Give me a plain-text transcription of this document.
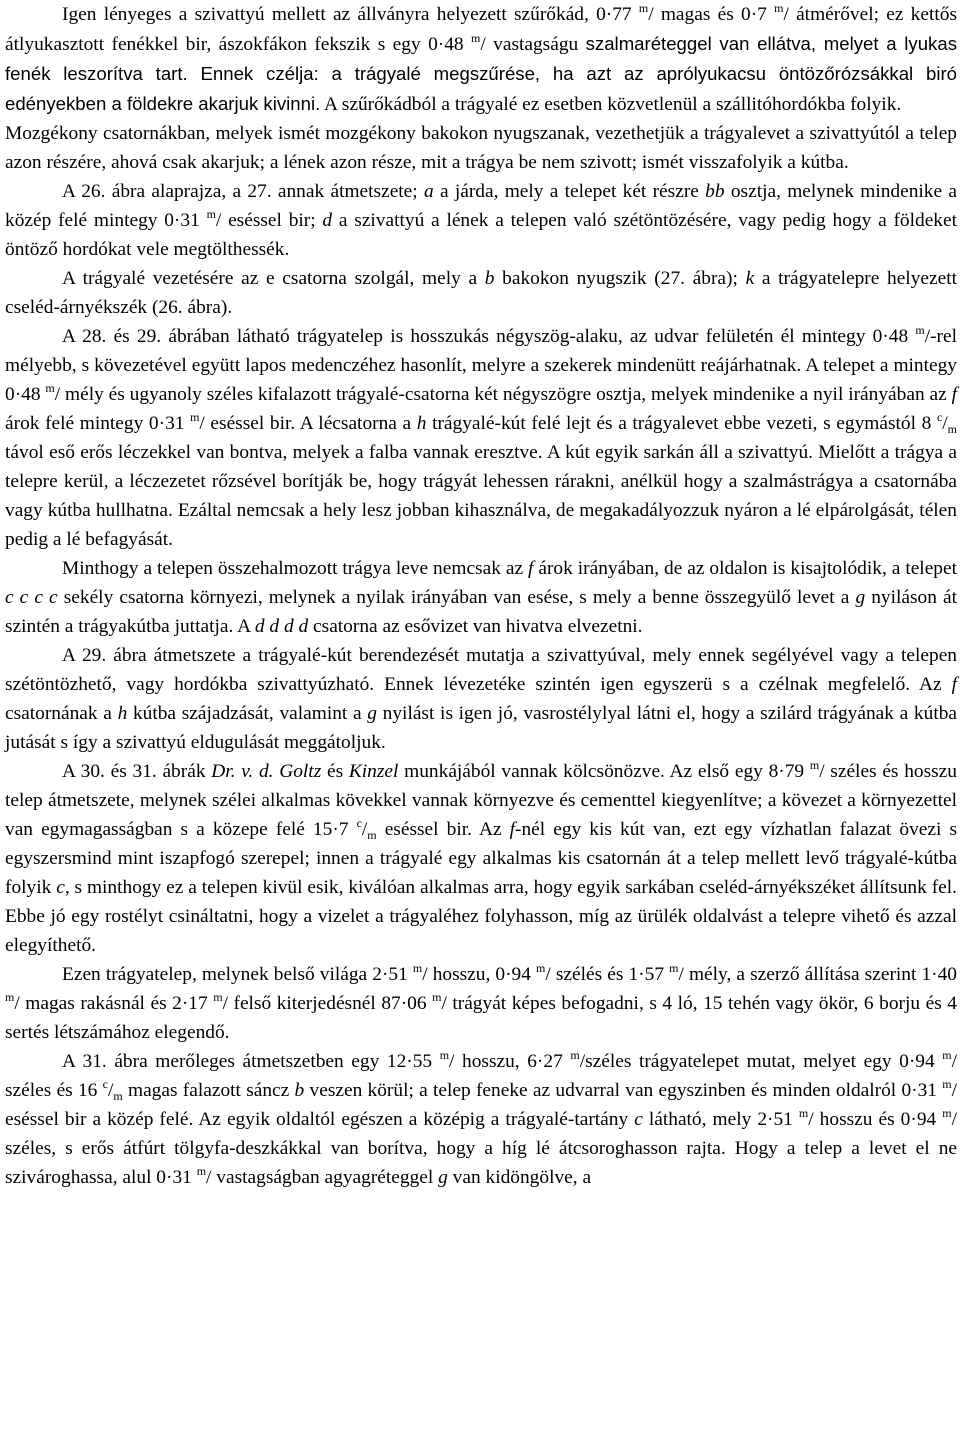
Igen lényeges a szivattyú mellett az állványra helyezett szűrőkád, 0·77 $^m$/ magas és 0·7 $^m$/ átmérővel; ez kettős átlyukasztott fenékkel bir, ászokfákon fekszik s egy 0·48 $^m$/ vastagságu szalmaréteggel van ellátva, melyet a lyukas fenék leszorítva tart. Ennek czélja: a trágyalé megszűrése, ha azt az aprólyukacsu öntözőrózsákkal biró edényekben a földekre akarjuk kivinni. A szűrőkádból a trágyalé ez esetben közvetlenül a szállitóhordókba folyik.

Mozgékony csatornákban, melyek ismét mozgékony bakokon nyugszanak, vezethetjük a trágyalevet a szivattyútól a telep azon részére, ahová csak akarjuk; a lének azon része, mit a trágya be nem szivott; ismét visszafolyik a kútba.

A 26. ábra alaprajza, a 27. annak átmetszete; a a járda, mely a telepet két részre bb osztja, melynek mindenike a közép felé mintegy 0·31 $^m$/ eséssel bir; d a szivattyú a lének a telepen való szétöntözésére, vagy pedig hogy a földeket öntöző hordókat vele megtölthessék.

A trágyalé vezetésére az e csatorna szolgál, mely a b bakokon nyugszik (27. ábra); k a trágyatelepre helyezett cseléd-árnyékszék (26. ábra).

A 28. és 29. ábrában látható trágyatelep is hosszukás négyszög-alaku, az udvar felületén él mintegy 0·48 $^m$/-rel mélyebb, s kövezetével együtt lapos medenczéhez hasonlít, melyre a szekerek mindenütt reájárhatnak. A telepet a mintegy 0·48 $^m$/ mély és ugyanoly széles kifalazott trágyalé-csatorna két négyszögre osztja, melyek mindenike a nyil irányában az f árok felé mintegy 0·31 $^m$/ eséssel bir. A lécsatorna a h trágyalé-kút felé lejt és a trágyalevet ebbe vezeti, s egymástól 8 $^c/_m$ távol eső erős léczekkel van bontva, melyek a falba vannak eresztve. A kút egyik sarkán áll a szivattyú. Mielőtt a trágya a telepre kerül, a léczezetet rőzsével borítják be, hogy trágyát lehessen rárakni, anélkül hogy a szalmástrágya a csatornába vagy kútba hullhatna. Ezáltal nemcsak a hely lesz jobban kihasználva, de megakadályozzuk nyáron a lé elpárolgását, télen pedig a lé befagyását.

Minthogy a telepen összehalmozott trágya leve nemcsak az f árok irányában, de az oldalon is kisajtolódik, a telepet c c c c sekély csatorna környezi, melynek a nyilak irányában van esése, s mely a benne összegyülő levet a g nyiláson át szintén a trágyakútba juttatja. A d d d d csatorna az esővizet van hivatva elvezetni.

A 29. ábra átmetszete a trágyalé-kút berendezését mutatja a szivattyúval, mely ennek segélyével vagy a telepen szétöntözhető, vagy hordókba szivattyúzható. Ennek lévezetéke szintén igen egyszerü s a czélnak megfelelő. Az f csatornának a h kútba szájadzását, valamint a g nyilást is igen jó, vasrostélylyal látni el, hogy a szilárd trágyának a kútba jutását s így a szivattyú eldugulását meggátoljuk.

A 30. és 31. ábrák Dr. v. d. Goltz és Kinzel munkájából vannak kölcsönözve. Az első egy 8·79 $^m$/ széles és hosszu telep átmetszete, melynek szélei alkalmas kövekkel vannak környezve és cementtel kiegyenlítve; a kövezet a környezettel van egymagasságban s a közepe felé 15·7 $^c/_m$ eséssel bir. Az f-nél egy kis kút van, ezt egy vízhatlan falazat övezi s egyszersmind mint iszapfogó szerepel; innen a trágyalé egy alkalmas kis csatornán át a telep mellett levő trágyalé-kútba folyik c, s minthogy ez a telepen kivül esik, kiválóan alkalmas arra, hogy egyik sarkában cseléd-árnyékszéket állítsunk fel. Ebbe jó egy rostélyt csináltatni, hogy a vizelet a trágyaléhez folyhasson, míg az ürülék oldalvást a telepre vihető és azzal elegyíthető.

Ezen trágyatelep, melynek belső világa 2·51 $^m$/ hosszu, 0·94 $^m$/ szélés és 1·57 $^m$/ mély, a szerző állítása szerint 1·40 $^m$/ magas rakásnál és 2·17 $^m$/ felső kiterjedésnél 87·06 $^m$/ trágyát képes befogadni, s 4 ló, 15 tehén vagy ökör, 6 borju és 4 sertés létszámához elegendő.

A 31. ábra merőleges átmetszetben egy 12·55 $^m$/ hosszu, 6·27 $^m$/széles trágyatelepet mutat, melyet egy 0·94 $^m$/ széles és 16 $^c/_m$ magas falazott sáncz b veszen körül; a telep feneke az udvarral van egyszinben és minden oldalról 0·31 $^m$/ eséssel bir a közép felé. Az egyik oldaltól egészen a középig a trágyalé-tartány c látható, mely 2·51 $^m$/ hosszu és 0·94 $^m$/ széles, s erős átfúrt tölgyfa-deszkákkal van borítva, hogy a híg lé átcsoroghasson rajta. Hogy a telep a levet el ne szivároghassa, alul 0·31 $^m$/ vastagságban agyagréteggel g van kidöngölve, a
